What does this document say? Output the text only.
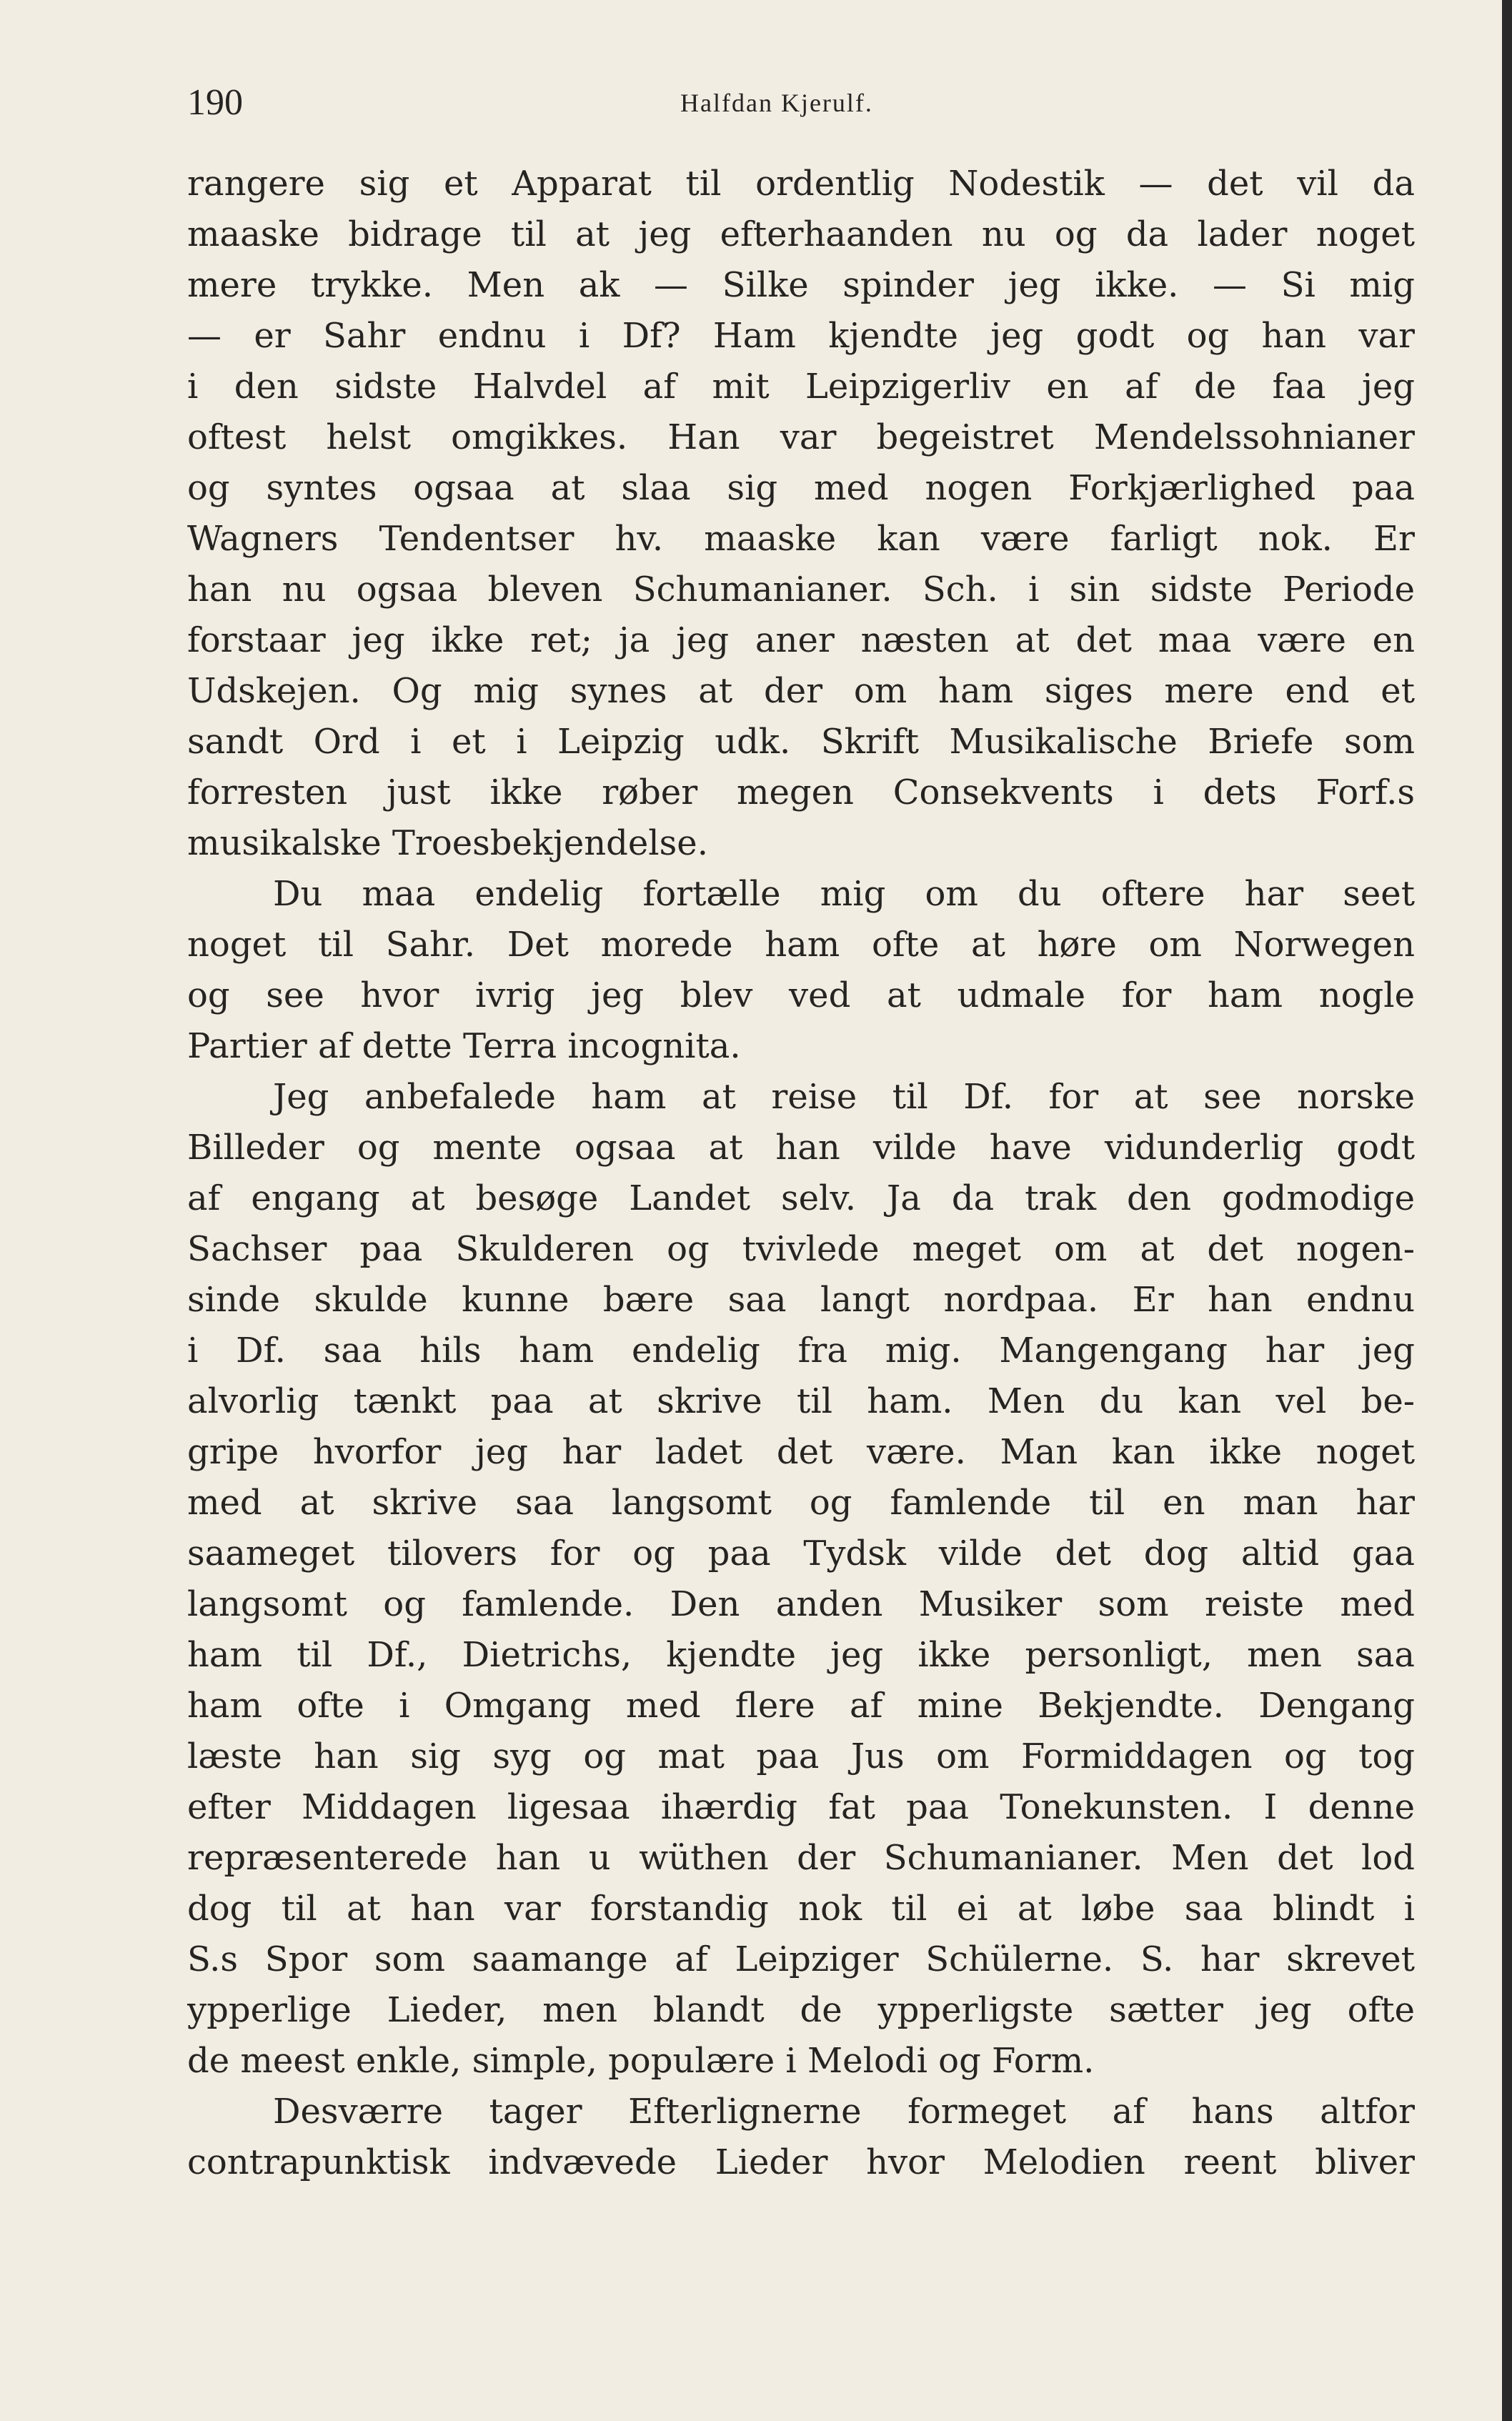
190	Halfdan Kjerulf.
rangere sig et Apparat til ordentlig Nodestik — det vil da
maaske bidrage til at jeg efterhaanden nu og da lader noget
mere trykke. Men ak — Silke spinder jeg ikke. — Si mig
— er Sahr endnu i Df? Ham kjendte jeg godt og han var
i den sidste Halvdel af mit Leipzigerliv en af de faa jeg
oftest helst omgikkes. Han var begeistret Mendelssohnianer
og syntes ogsaa at slaa sig med nogen Forkjærlighed paa
Wagners Tendentser hv. maaske kan være farligt nok. Er
han nu ogsaa bleven Schumanianer. Sch. i sin sidste Periode
forstaar jeg ikke ret; ja jeg aner næsten at det maa være en
Udskejen. Og mig synes at der om ham siges mere end et
sandt Ord i et i Leipzig udk. Skrift Musikalische Briefe som
forresten just ikke røber megen Consekvents i dets Forf.s
musikalske Troesbekjendelse.
Du maa endelig fortælle mig om du oftere har seet
noget til Sahr. Det morede ham ofte at høre om Norwegen
og see hvor ivrig jeg blev ved at udmale for ham nogle
Partier af dette Terra incognita.
Jeg anbefalede ham at reise til Df. for at see norske
Billeder og mente ogsaa at han vilde have vidunderlig godt
af engang at besøge Landet selv. Ja da trak den godmodige
Sachser paa Skulderen og tvivlede meget om at det nogen-
sinde skulde kunne bære saa langt nordpaa. Er han endnu
i Df. saa hils ham endelig fra mig. Mangengang har jeg
alvorlig tænkt paa at skrive til ham. Men du kan vel be-
gripe hvorfor jeg har ladet det være. Man kan ikke noget
med at skrive saa langsomt og famlende til en man har
saameget tilovers for og paa Tydsk vilde det dog altid gaa
langsomt og famlende. Den anden Musiker som reiste med
ham til Df., Dietrichs, kjendte jeg ikke personligt, men saa
ham ofte i Omgang med flere af mine Bekjendte. Dengang
læste han sig syg og mat paa Jus om Formiddagen og tog
efter Middagen ligesaa ihærdig fat paa Tonekunsten. I denne
repræsenterede han u wüthen der Schumanianer. Men det lod
dog til at han var forstandig nok til ei at løbe saa blindt i
S.s Spor som saamange af Leipziger Schülerne. S. har skrevet
ypperlige Lieder, men blandt de ypperligste sætter jeg ofte
de meest enkle, simple, populære i Melodi og Form.
Desværre tager Efterlignerne formeget af hans altfor
contrapunktisk indvævede Lieder hvor Melodien reent bliver
